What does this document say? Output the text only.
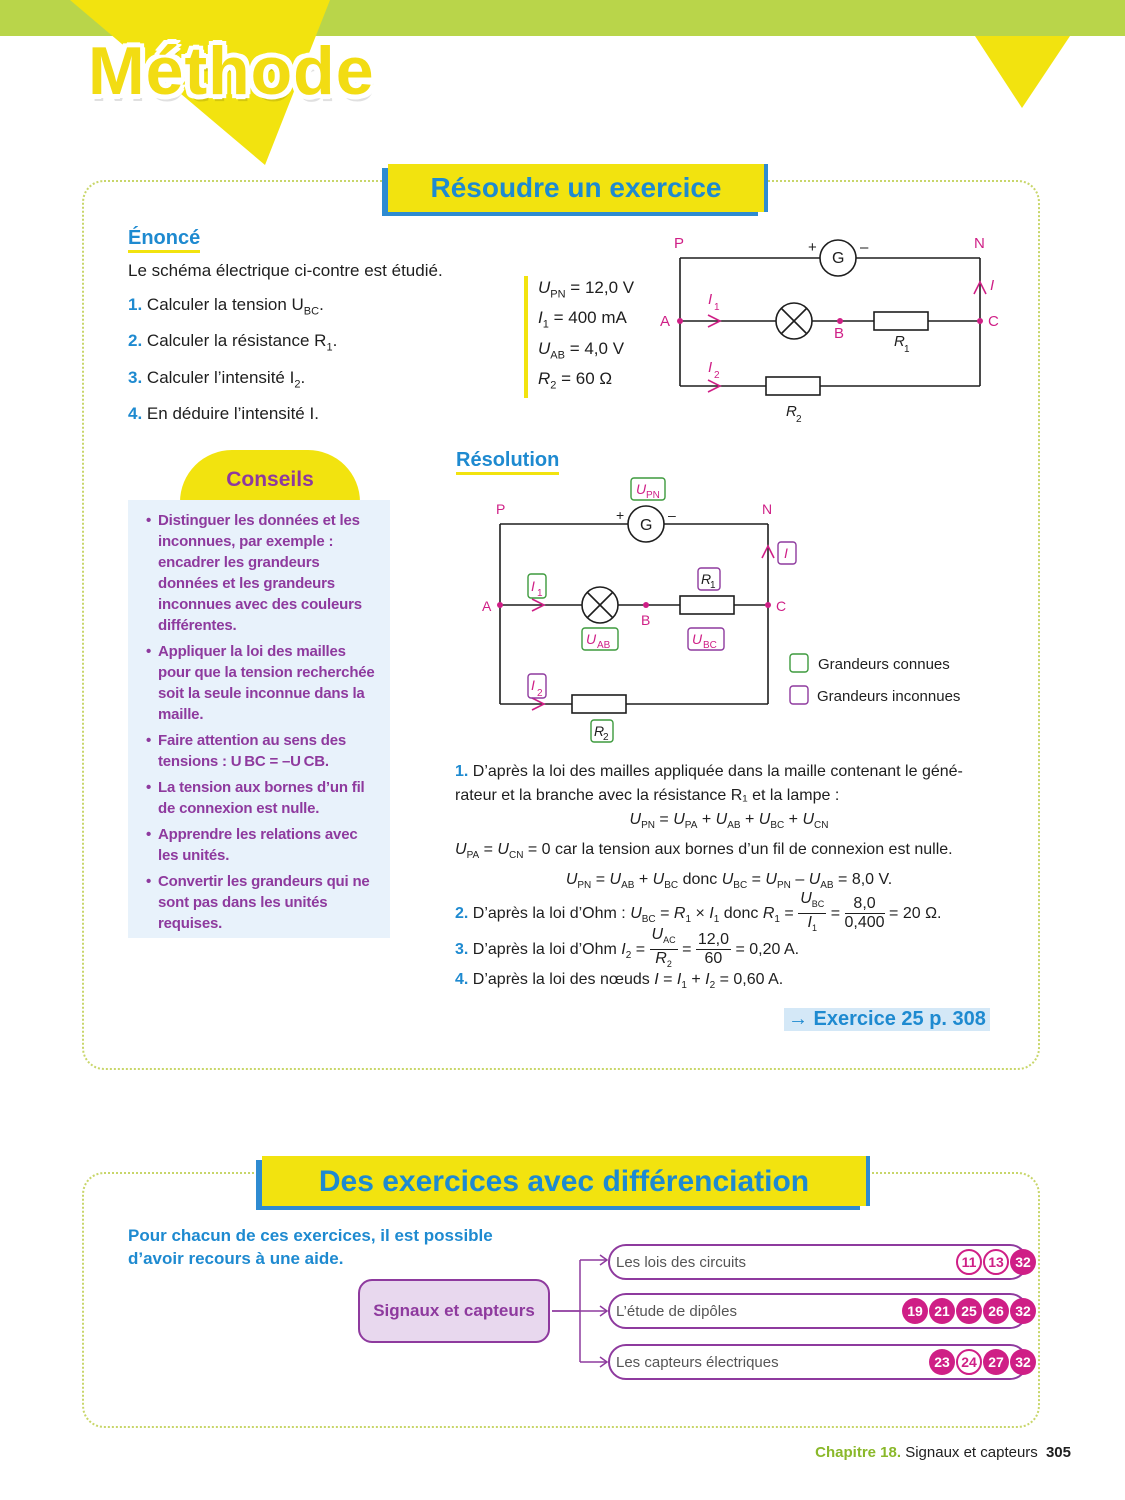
Méthode
Résoudre un exercice
Énoncé
Le schéma électrique ci-contre est étudié.
1. Calculer la tension $U_{BC}$.
2. Calculer la résistance $R_1$.
3. Calculer l’intensité $I_2$.
4. En déduire l’intensité I.
$U_{PN} = 12,0$ V
$I_1 = 400$ mA
$U_{AB} = 4,0$ V
$R_2 = 60$ Ω
P	N
A
B
C
I
I 1
I 2
G
+	–
R 1
R 2
Conseils
• Distinguer les données et les inconnues, par exemple : encadrer les grandeurs données et les grandeurs inconnues avec des couleurs différentes.
• Appliquer la loi des mailles pour que la tension recherchée soit la seule inconnue dans la maille.
• Faire attention au sens des tensions : U BC = –U CB.
• La tension aux bornes d’un fil de connexion est nulle.
• Apprendre les relations avec les unités.
• Convertir les grandeurs qui ne sont pas dans les unités requises.
Résolution
P	N
A
B
C
G
+	–
U
I
U
PN
1
AB
R
2
I
U
I
BC
2
R
1
Grandeurs connues
Grandeurs inconnues
1. D’après la loi des mailles appliquée dans la maille contenant le géné-
rateur et la branche avec la résistance R₁ et la lampe :
$U_{PN} = U_{PA} + U_{AB} + U_{BC} + U_{CN}$
$U_{PA} = U_{CN} = 0$ car la tension aux bornes d’un fil de connexion est nulle.
$U_{PN} = U_{AB} + U_{BC}$ donc $U_{BC} = U_{PN} - U_{AB} = 8,0$ V.
2. D’après la loi d’Ohm : $U_{BC} = R_1 \times I_1$ donc $R_1$ =
$U_{BC}$
$I_1$
= $\frac{8,0}{0,400} = 20$ Ω.
3. D’après la loi d’Ohm $I_2$ =
$U_{AC}$
$R_2$
= $\frac{12,0}{60} = 0,20$ A.
4. D’après la loi des nœuds $I = I_1 + I_2 = 0,60$ A.
→ Exercice 25 p. 308
Des exercices avec différenciation
Pour chacun de ces exercices, il est possible d’avoir recours à une aide.
Signaux et capteurs
Les lois des circuits	11 13 32
L’étude de dipôles	19 21 25 26 32
Les capteurs électriques	23 24 27 32
Chapitre 18. Signaux et capteurs 305
